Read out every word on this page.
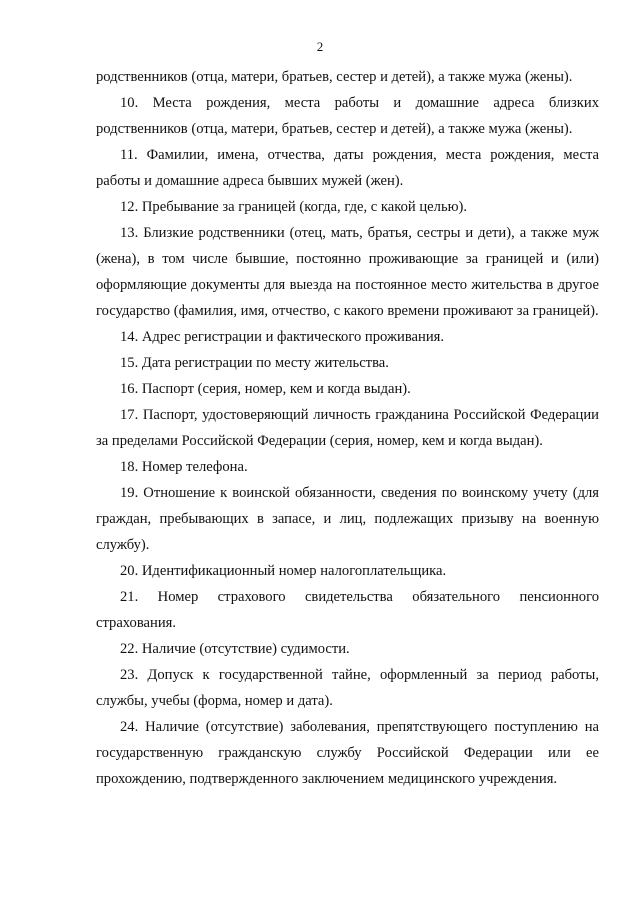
2

родственников (отца, матери, братьев, сестер и детей), а также мужа (жены).

10. Места рождения, места работы и домашние адреса близких родственников (отца, матери, братьев, сестер и детей), а также мужа (жены).

11. Фамилии, имена, отчества, даты рождения, места рождения, места работы и домашние адреса бывших мужей (жен).

12. Пребывание за границей (когда, где, с какой целью).

13. Близкие родственники (отец, мать, братья, сестры и дети), а также муж (жена), в том числе бывшие, постоянно проживающие за границей и (или) оформляющие документы для выезда на постоянное место жительства в другое государство (фамилия, имя, отчество, с какого времени проживают за границей).

14. Адрес регистрации и фактического проживания.

15. Дата регистрации по месту жительства.

16. Паспорт (серия, номер, кем и когда выдан).

17. Паспорт, удостоверяющий личность гражданина Российской Федерации за пределами Российской Федерации (серия, номер, кем и когда выдан).

18. Номер телефона.

19. Отношение к воинской обязанности, сведения по воинскому учету (для граждан, пребывающих в запасе, и лиц, подлежащих призыву на военную службу).

20. Идентификационный номер налогоплательщика.

21. Номер страхового свидетельства обязательного пенсионного страхования.

22. Наличие (отсутствие) судимости.

23. Допуск к государственной тайне, оформленный за период работы, службы, учебы (форма, номер и дата).

24. Наличие (отсутствие) заболевания, препятствующего поступлению на государственную гражданскую службу Российской Федерации или ее прохождению, подтвержденного заключением медицинского учреждения.
